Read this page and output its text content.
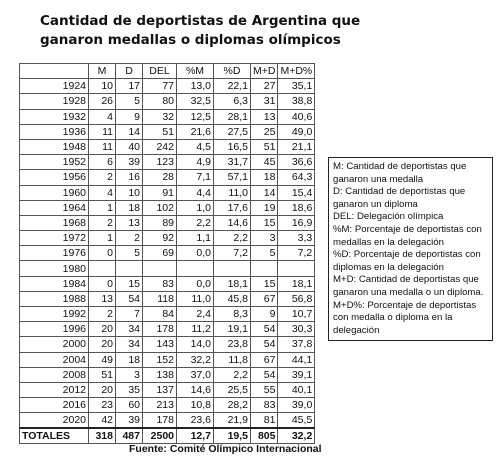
Cantidad de deportistas de Argentina que
ganaron medallas o diplomas olímpicos
	M	D	DEL	%M	%D	M+D	M+D%
1924	10	17	77	13,0	22,1	27	35,1
1928	26	5	80	32,5	6,3	31	38,8
1932	4	9	32	12,5	28,1	13	40,6
1936	11	14	51	21,6	27,5	25	49,0
1948	11	40	242	4,5	16,5	51	21,1
1952	6	39	123	4,9	31,7	45	36,6
1956	2	16	28	7,1	57,1	18	64,3
1960	4	10	91	4,4	11,0	14	15,4
1964	1	18	102	1,0	17,6	19	18,6
1968	2	13	89	2,2	14,6	15	16,9
1972	1	2	92	1,1	2,2	3	3,3
1976	0	5	69	0,0	7,2	5	7,2
1980							
1984	0	15	83	0,0	18,1	15	18,1
1988	13	54	118	11,0	45,8	67	56,8
1992	2	7	84	2,4	8,3	9	10,7
1996	20	34	178	11,2	19,1	54	30,3
2000	20	34	143	14,0	23,8	54	37,8
2004	49	18	152	32,2	11,8	67	44,1
2008	51	3	138	37,0	2,2	54	39,1
2012	20	35	137	14,6	25,5	55	40,1
2016	23	60	213	10,8	28,2	83	39,0
2020	42	39	178	23,6	21,9	81	45,5
TOTALES	318	487	2500	12,7	19,5	805	32,2
M: Cantidad de deportistas que ganaron una medalla
D: Cantidad de deportistas que ganaron un diploma
DEL: Delegación olímpica
%M: Porcentaje de deportistas con medallas en la delegación
%D: Porcentaje de deportistas con diplomas en la delegación
M+D: Cantidad de deportistas que ganaron una medalla o un diploma.
M+D%: Porcentaje de deportistas con medalla o diploma en la delegación
Fuente: Comité Olímpico Internacional
